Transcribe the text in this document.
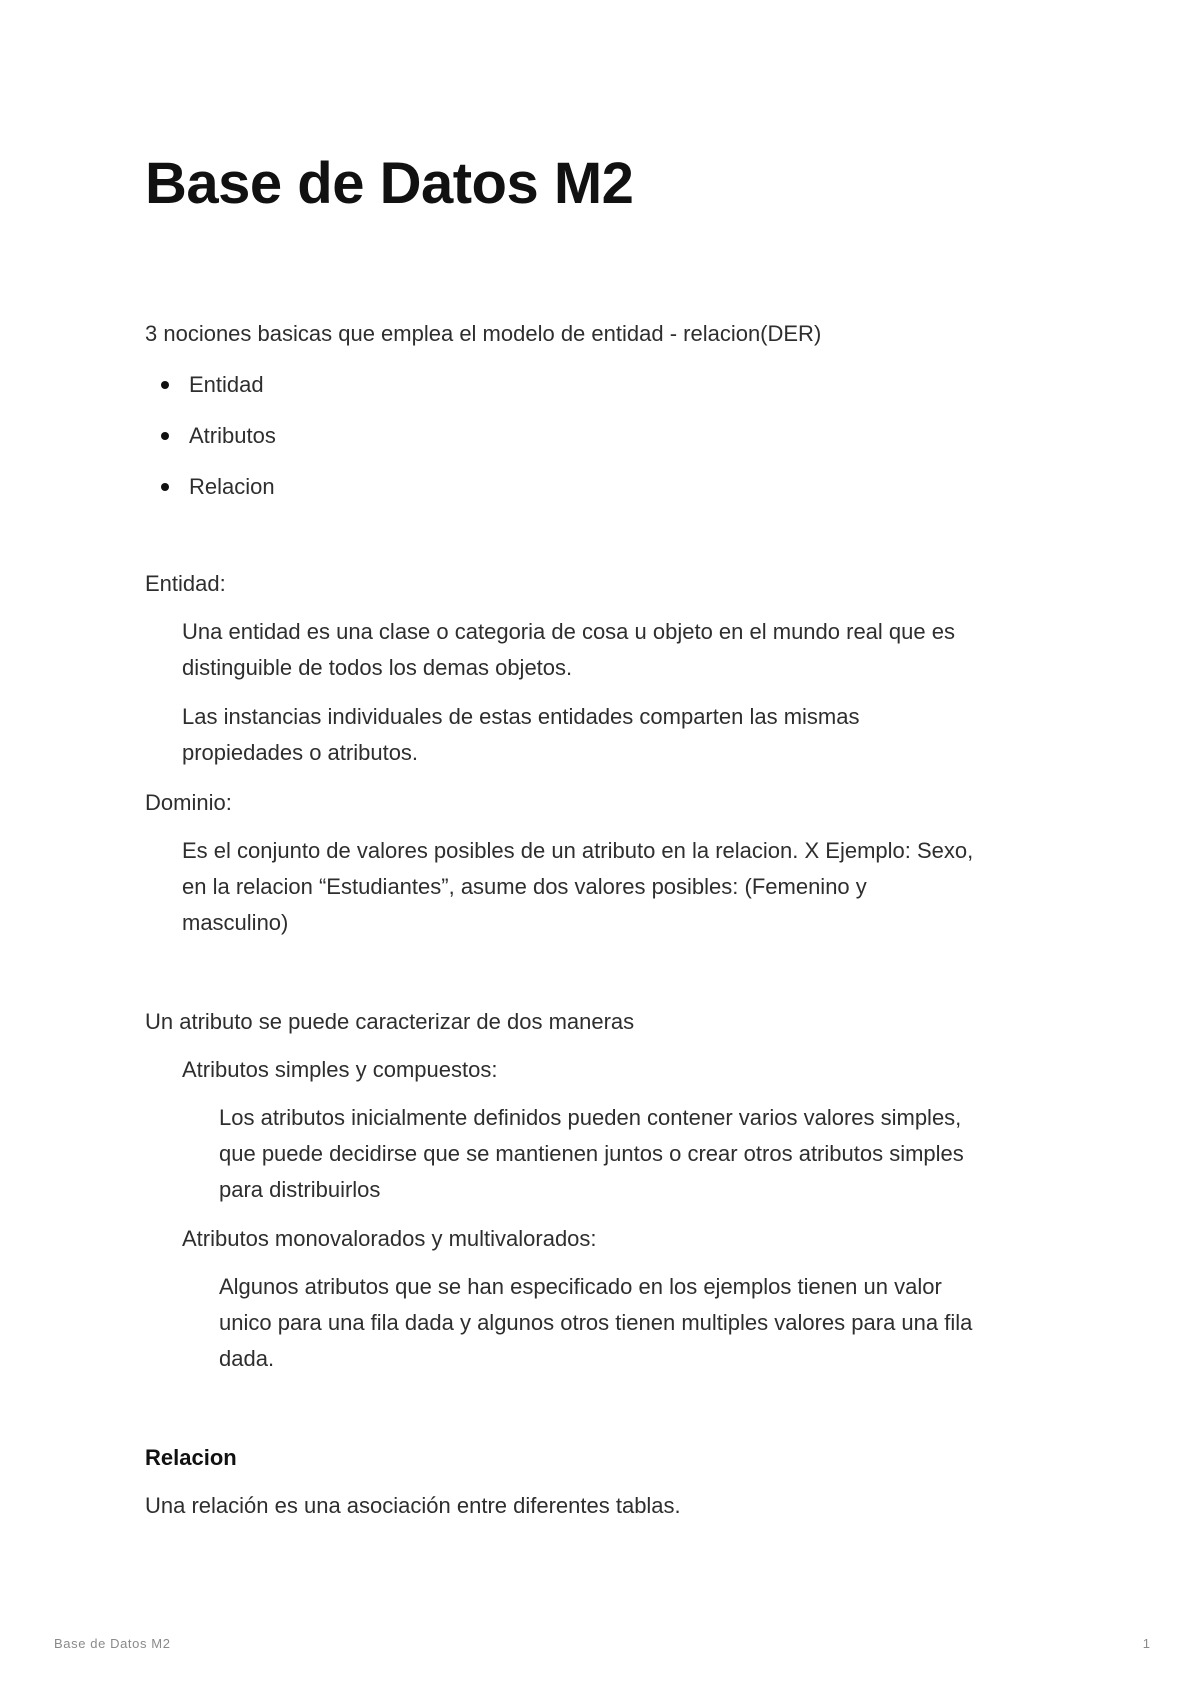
Base de Datos M2

3 nociones basicas que emplea el modelo de entidad - relacion(DER)

Entidad
Atributos
Relacion

Entidad:

Una entidad es una clase o categoria de cosa u objeto en el mundo real que es

distinguible de todos los demas objetos.

Las instancias individuales de estas entidades comparten las mismas

propiedades o atributos.

Dominio:

Es el conjunto de valores posibles de un atributo en la relacion. X Ejemplo: Sexo,

en la relacion “Estudiantes”, asume dos valores posibles: (Femenino y

masculino)

Un atributo se puede caracterizar de dos maneras

Atributos simples y compuestos:

Los atributos inicialmente definidos pueden contener varios valores simples,

que puede decidirse que se mantienen juntos o crear otros atributos simples

para distribuirlos

Atributos monovalorados y multivalorados:

Algunos atributos que se han especificado en los ejemplos tienen un valor

unico para una fila dada y algunos otros tienen multiples valores para una fila

dada.

Relacion

Una relación es una asociación entre diferentes tablas.

Base de Datos M2	1
